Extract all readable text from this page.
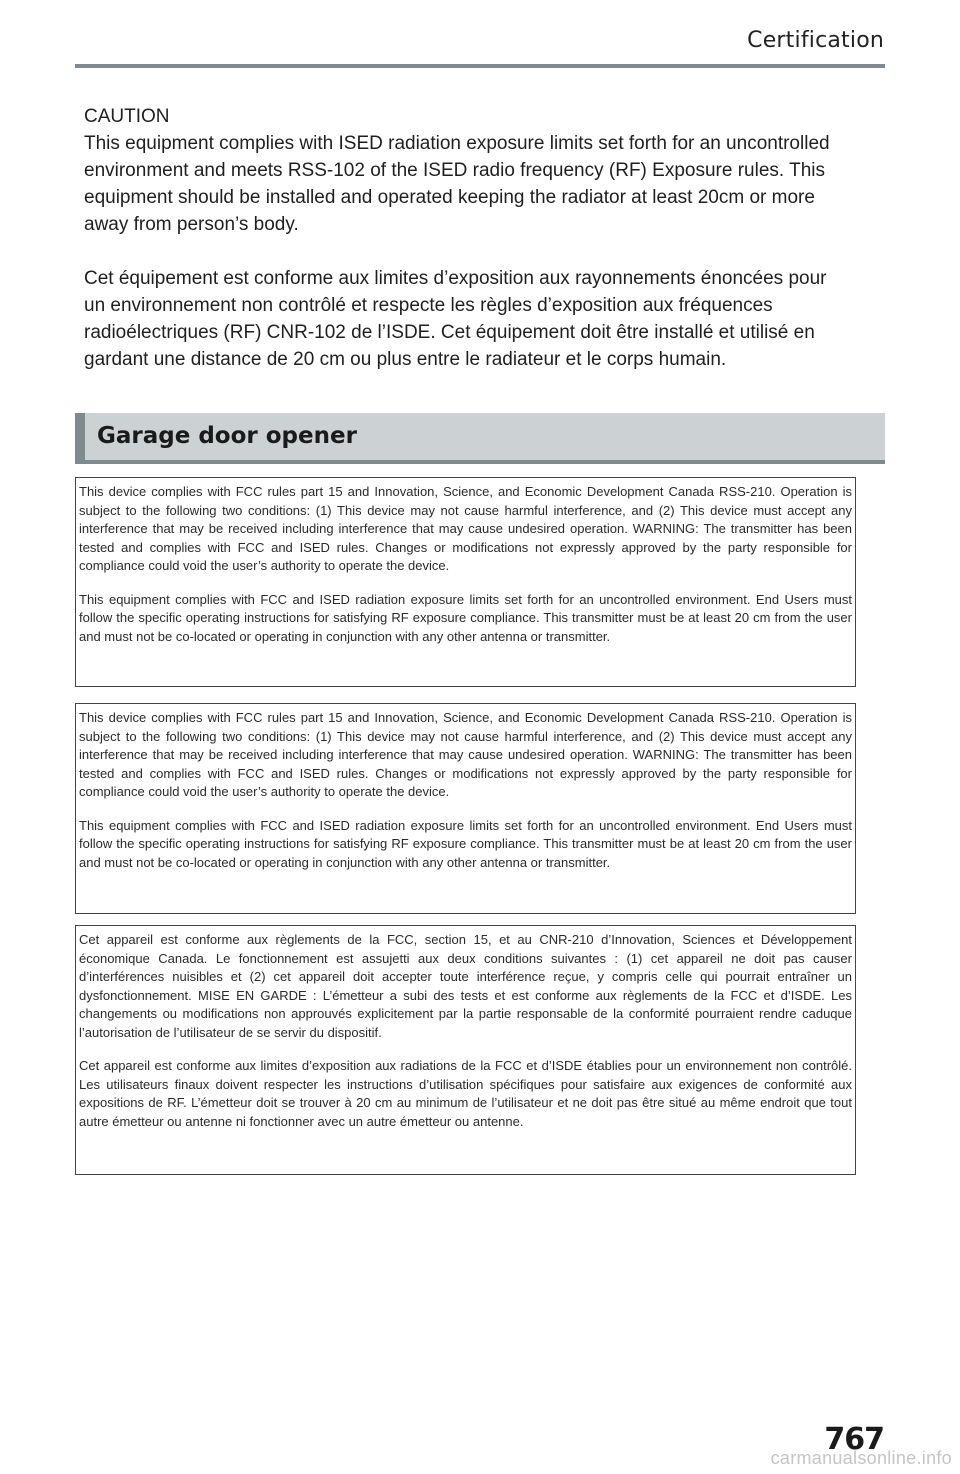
Certification

CAUTION

This equipment complies with ISED radiation exposure limits set forth for an uncontrolled environment and meets RSS-102 of the ISED radio frequency (RF) Exposure rules. This equipment should be installed and operated keeping the radiator at least 20cm or more away from person’s body.

Cet équipement est conforme aux limites d’exposition aux rayonnements énoncées pour un environnement non contrôlé et respecte les règles d’exposition aux fréquences radioélectriques (RF) CNR-102 de l’ISDE. Cet équipement doit être installé et utilisé en gardant une distance de 20 cm ou plus entre le radiateur et le corps humain.

Garage door opener

This device complies with FCC rules part 15 and Innovation, Science, and Economic Development Canada RSS-210. Operation is subject to the following two conditions: (1) This device may not cause harmful interference, and (2) This device must accept any interference that may be received including interference that may cause undesired operation. WARNING: The transmitter has been tested and complies with FCC and ISED rules. Changes or modifications not expressly approved by the party responsible for compliance could void the user’s authority to operate the device.

This equipment complies with FCC and ISED radiation exposure limits set forth for an uncontrolled environment. End Users must follow the specific operating instructions for satisfying RF exposure compliance. This transmitter must be at least 20 cm from the user and must not be co-located or operating in conjunction with any other antenna or transmitter.

This device complies with FCC rules part 15 and Innovation, Science, and Economic Development Canada RSS-210. Operation is subject to the following two conditions: (1) This device may not cause harmful interference, and (2) This device must accept any interference that may be received including interference that may cause undesired operation. WARNING: The transmitter has been tested and complies with FCC and ISED rules. Changes or modifications not expressly approved by the party responsible for compliance could void the user’s authority to operate the device.

This equipment complies with FCC and ISED radiation exposure limits set forth for an uncontrolled environment. End Users must follow the specific operating instructions for satisfying RF exposure compliance. This transmitter must be at least 20 cm from the user and must not be co-located or operating in conjunction with any other antenna or transmitter.

Cet appareil est conforme aux règlements de la FCC, section 15, et au CNR-210 d’Innovation, Sciences et Développement économique Canada. Le fonctionnement est assujetti aux deux conditions suivantes : (1) cet appareil ne doit pas causer d’interférences nuisibles et (2) cet appareil doit accepter toute interférence reçue, y compris celle qui pourrait entraîner un dysfonctionnement. MISE EN GARDE : L’émetteur a subi des tests et est conforme aux règlements de la FCC et d’ISDE. Les changements ou modifications non approuvés explicitement par la partie responsable de la conformité pourraient rendre caduque l’autorisation de l’utilisateur de se servir du dispositif.

Cet appareil est conforme aux limites d’exposition aux radiations de la FCC et d’ISDE établies pour un environnement non contrôlé. Les utilisateurs finaux doivent respecter les instructions d’utilisation spécifiques pour satisfaire aux exigences de conformité aux expositions de RF. L’émetteur doit se trouver à 20 cm au minimum de l’utilisateur et ne doit pas être situé au même endroit que tout autre émetteur ou antenne ni fonctionner avec un autre émetteur ou antenne.

767
carmanualsonline.info
